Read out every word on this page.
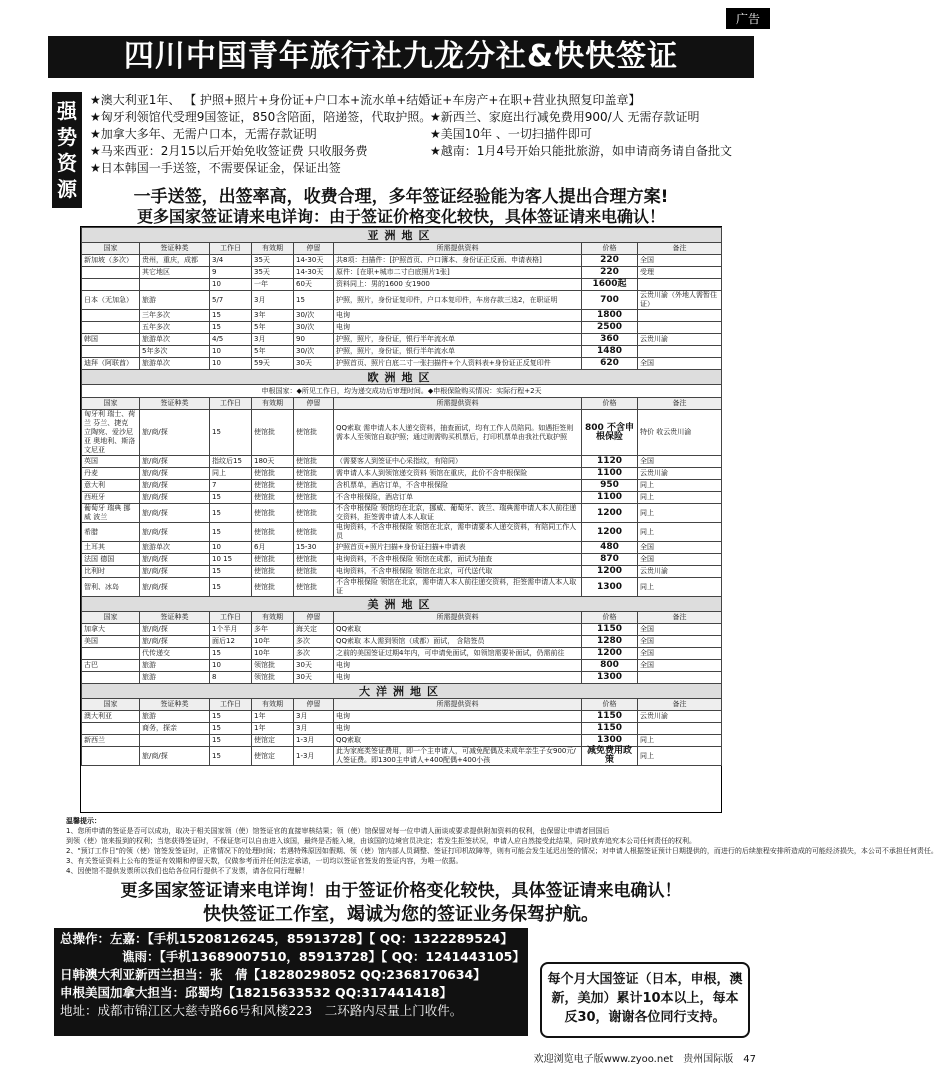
广告
四川中国青年旅行社九龙分社&快快签证
强势资源
★澳大利亚1年、 【 护照+照片+身份证+户口本+流水单+结婚证+车房产+在职+营业执照复印盖章】
★匈牙利领馆代受理9国签证，850含陪面，陪递签，代取护照。
★新西兰、家庭出行减免费用900/人 无需存款证明
★加拿大多年、无需户口本，无需存款证明	★美国10年 、一切扫描件即可
★马来西亚：2月15以后开始免收签证费 只收服务费	★越南：1月4号开始只能批旅游，如申请商务请自备批文
★日本韩国一手送签，不需要保证金，保证出签
一手送签，出签率高，收费合理，多年签证经验能为客人提出合理方案!
更多国家签证请来电详询：由于签证价格变化较快，具体签证请来电确认！
亚洲地区							
国家	签证种类	工作日	有效期	停留	所需提供资料	价格	备注
新加坡（多次）	贵州，重庆，成都	3/4	35天	14-30天	共8项：扫描件：[护照首页、户口簿本、身份证正反面、申请表格]	220	全国
	其它地区	9	35天	14-30天	原件：[在职+城市二寸白底照片1张]	220	受理
		10	一年	60天	资料同上：男的1600 女1900	1600起	
日本（无加急）	旅游	5/7	3月	15	护照，照片，身份证复印件，户口本复印件，车房存款三选2，在职证明	700	云贵川渝（外地人需暂住证）
	三年多次	15	3年	30/次	电询	1800	
	五年多次	15	5年	30/次	电询	2500	
韩国	旅游单次	4/5	3月	90	护照，照片，身份证，银行半年流水单	360	云贵川渝
	5年多次	10	5年	30/次	护照，照片，身份证，银行半年流水单	1480	
迪拜（阿联酋）	旅游单次	10	59天	30天	护照首页、照片白底二寸一张扫描件+个人资料表+身份证正反复印件	620	全国
欧洲地区							
申根国家：◆所见工作日，均为递交成功后审理时间。◆申根保险购买情况：实际行程+2天							
国家	签证种类	工作日	有效期	停留	所需提供资料	价格	备注
匈牙利 瑞士、荷兰 芬兰、捷克 立陶宛、爱沙尼亚 奥地利、斯洛文尼亚	旅/商/探	15	使馆批	使馆批	QQ索取 需申请人本人递交资料，抽查面试，均有工作人员陪同。如遇拒签则需本人至领馆自取护照；通过则需购买机票后，打印机票单由我社代取护照	800 不含申根保险	特价 收云贵川渝
英国	旅/商/探	指纹后15	180天	使馆批	（需要客人到签证中心采指纹，有陪同）	1120	全国
丹麦	旅/商/探	同上	使馆批	使馆批	需申请人本人到领馆递交资料 领馆在重庆，此价不含申根保险	1100	云贵川渝
意大利	旅/商/探	7	使馆批	使馆批	含机票单，酒店订单，不含申根保险	950	同上
西班牙	旅/商/探	15	使馆批	使馆批	不含申根保险，酒店订单	1100	同上
葡萄牙 瑞典 挪威 波兰	旅/商/探	15	使馆批	使馆批	不含申根保险 领馆均在北京，挪威、葡萄牙、波兰、瑞典需申请人本人前往递交资料，拒签需申请人本人取证	1200	同上
希腊	旅/商/探	15	使馆批	使馆批	电询资料，不含申根保险 领馆在北京，需申请要本人递交资料，有陪同工作人员	1200	同上
土耳其	旅游单次	10	6月	15-30	护照首页+照片扫描+身份证扫描+申请表	480	全国
法国 德国	旅/商/探	10 15	使馆批	使馆批	电询资料，不含申根保险 领馆在成都，面试为抽查	870	全国
比利时	旅/商/探	15	使馆批	使馆批	电询资料，不含申根保险 领馆在北京，可代送代取	1200	云贵川渝
智利、冰岛	旅/商/探	15	使馆批	使馆批	不含申根保险 领馆在北京，需申请人本人前往递交资料，拒签需申请人本人取证	1300	同上
美洲地区							
国家	签证种类	工作日	有效期	停留	所需提供资料	价格	备注
加拿大	旅/商/探	1个半月	多年	海关定	QQ索取	1150	全国
美国	旅/商/探	面后12	10年	多次	QQ索取 本人需到领馆（成都）面试， 含陪签员	1280	全国
	代传递交	15	10年	多次	之前的美国签证过期4年内，可申请免面试，如领馆需要补面试，仍需前往	1200	全国
古巴	旅游	10	领馆批	30天	电询	800	全国
	旅游	8	领馆批	30天	电询	1300	
大洋洲地区							
国家	签证种类	工作日	有效期	停留	所需提供资料	价格	备注
澳大利亚	旅游	15	1年	3月	电询	1150	云贵川渝
	商务，探亲	15	1年	3月	电询	1150	
新西兰		15	使馆定	1-3月	QQ索取	1300	同上
	旅/商/探	15	使馆定	1-3月	此为家庭类签证费用，即一个主申请人，可减免配偶及未成年亲生子女900元/人签证费。即1300主申请人+400配偶+400小孩	减免费用政策	同上
温馨提示：
1、您所申请的签证是否可以成功，取决于相关国家领（使）馆签证官的直接审核结果；领（使）馆保留对每一位申请人面谈或要求提供附加资料的权利，也保留让申请者回国后
到领（使）馆来报到的权利；当您获得签证时，不保证您可以自由进入该国，最终是否能入境，由该国的边境官员决定；若发生拒签状况，申请人应自然接受此结果，同时放弃追究本公司任何责任的权利。
2、"预订工作日"的领（使）馆签发签证时，正常情况下的处理时间；若遇特殊原因如假期、领（使）馆内部人员调整、签证打印机故障等，则有可能会发生延迟出签的情况；对申请人根据签证预计日期提供的，而进行的后续旅程安排所造成的可能经济损失，本公司不承担任何责任。
3、有关签证资料上公布的签证有效期和停留天数，仅做参考而并任何法定承诺，一切均以签证官签发的签证内容，为唯一依据。
4、因使馆不提供发票所以我们也给各位同行提供不了发票，请各位同行理解！
更多国家签证请来电详询！由于签证价格变化较快，具体签证请来电确认！
快快签证工作室，竭诚为您的签证业务保驾护航。
总操作：左嘉：【手机15208126245，85913728】【 QQ：1322289524】
谯雨：【手机13689007510，85913728】【 QQ：1241443105】
日韩澳大利亚新西兰担当：张　倩【18280298052 QQ:2368170634】
申根美国加拿大担当：邱蜀均【18215633532 QQ:317441418】
地址：成都市锦江区大慈寺路66号和风楼223　二环路内尽量上门收件。
每个月大国签证（日本，申根，澳新，美加）累计10本以上，每本反30，谢谢各位同行支持。
欢迎浏览电子版www.zyoo.net　贵州国际版　47
